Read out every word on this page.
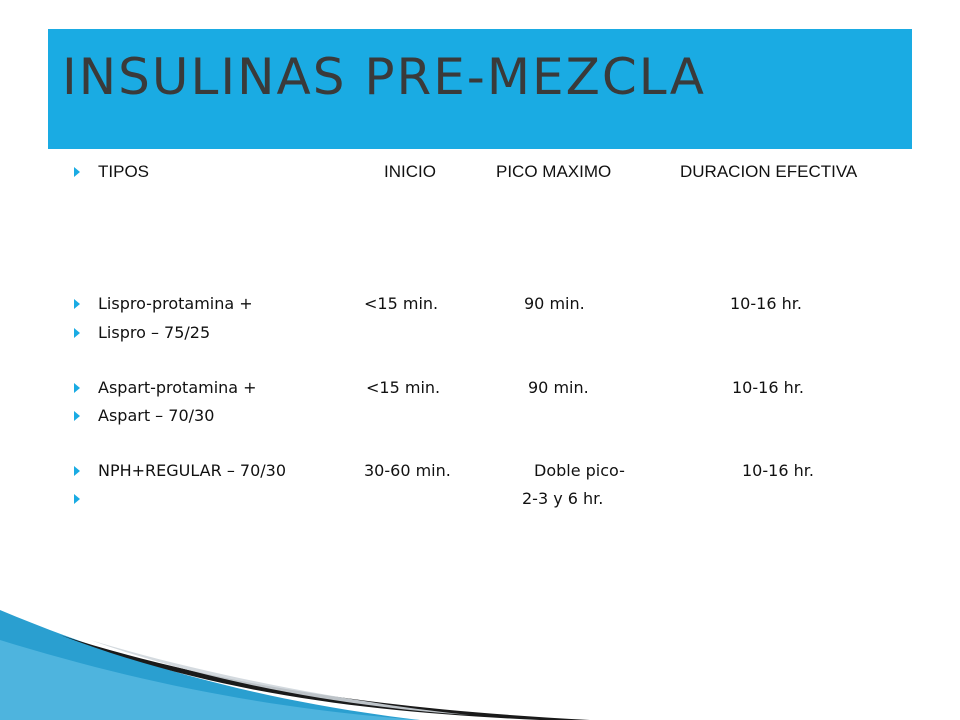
INSULINAS PRE-MEZCLA
TIPOS	INICIO	PICO MAXIMO	DURACION EFECTIVA
Lispro-protamina +	<15 min.	90 min.	10-16 hr.
Lispro – 75/25
Aspart-protamina +	<15 min.	90 min.	10-16 hr.
Aspart – 70/30
NPH+REGULAR – 70/30	30-60 min.	Doble pico-	10-16 hr.
2-3 y 6 hr.
